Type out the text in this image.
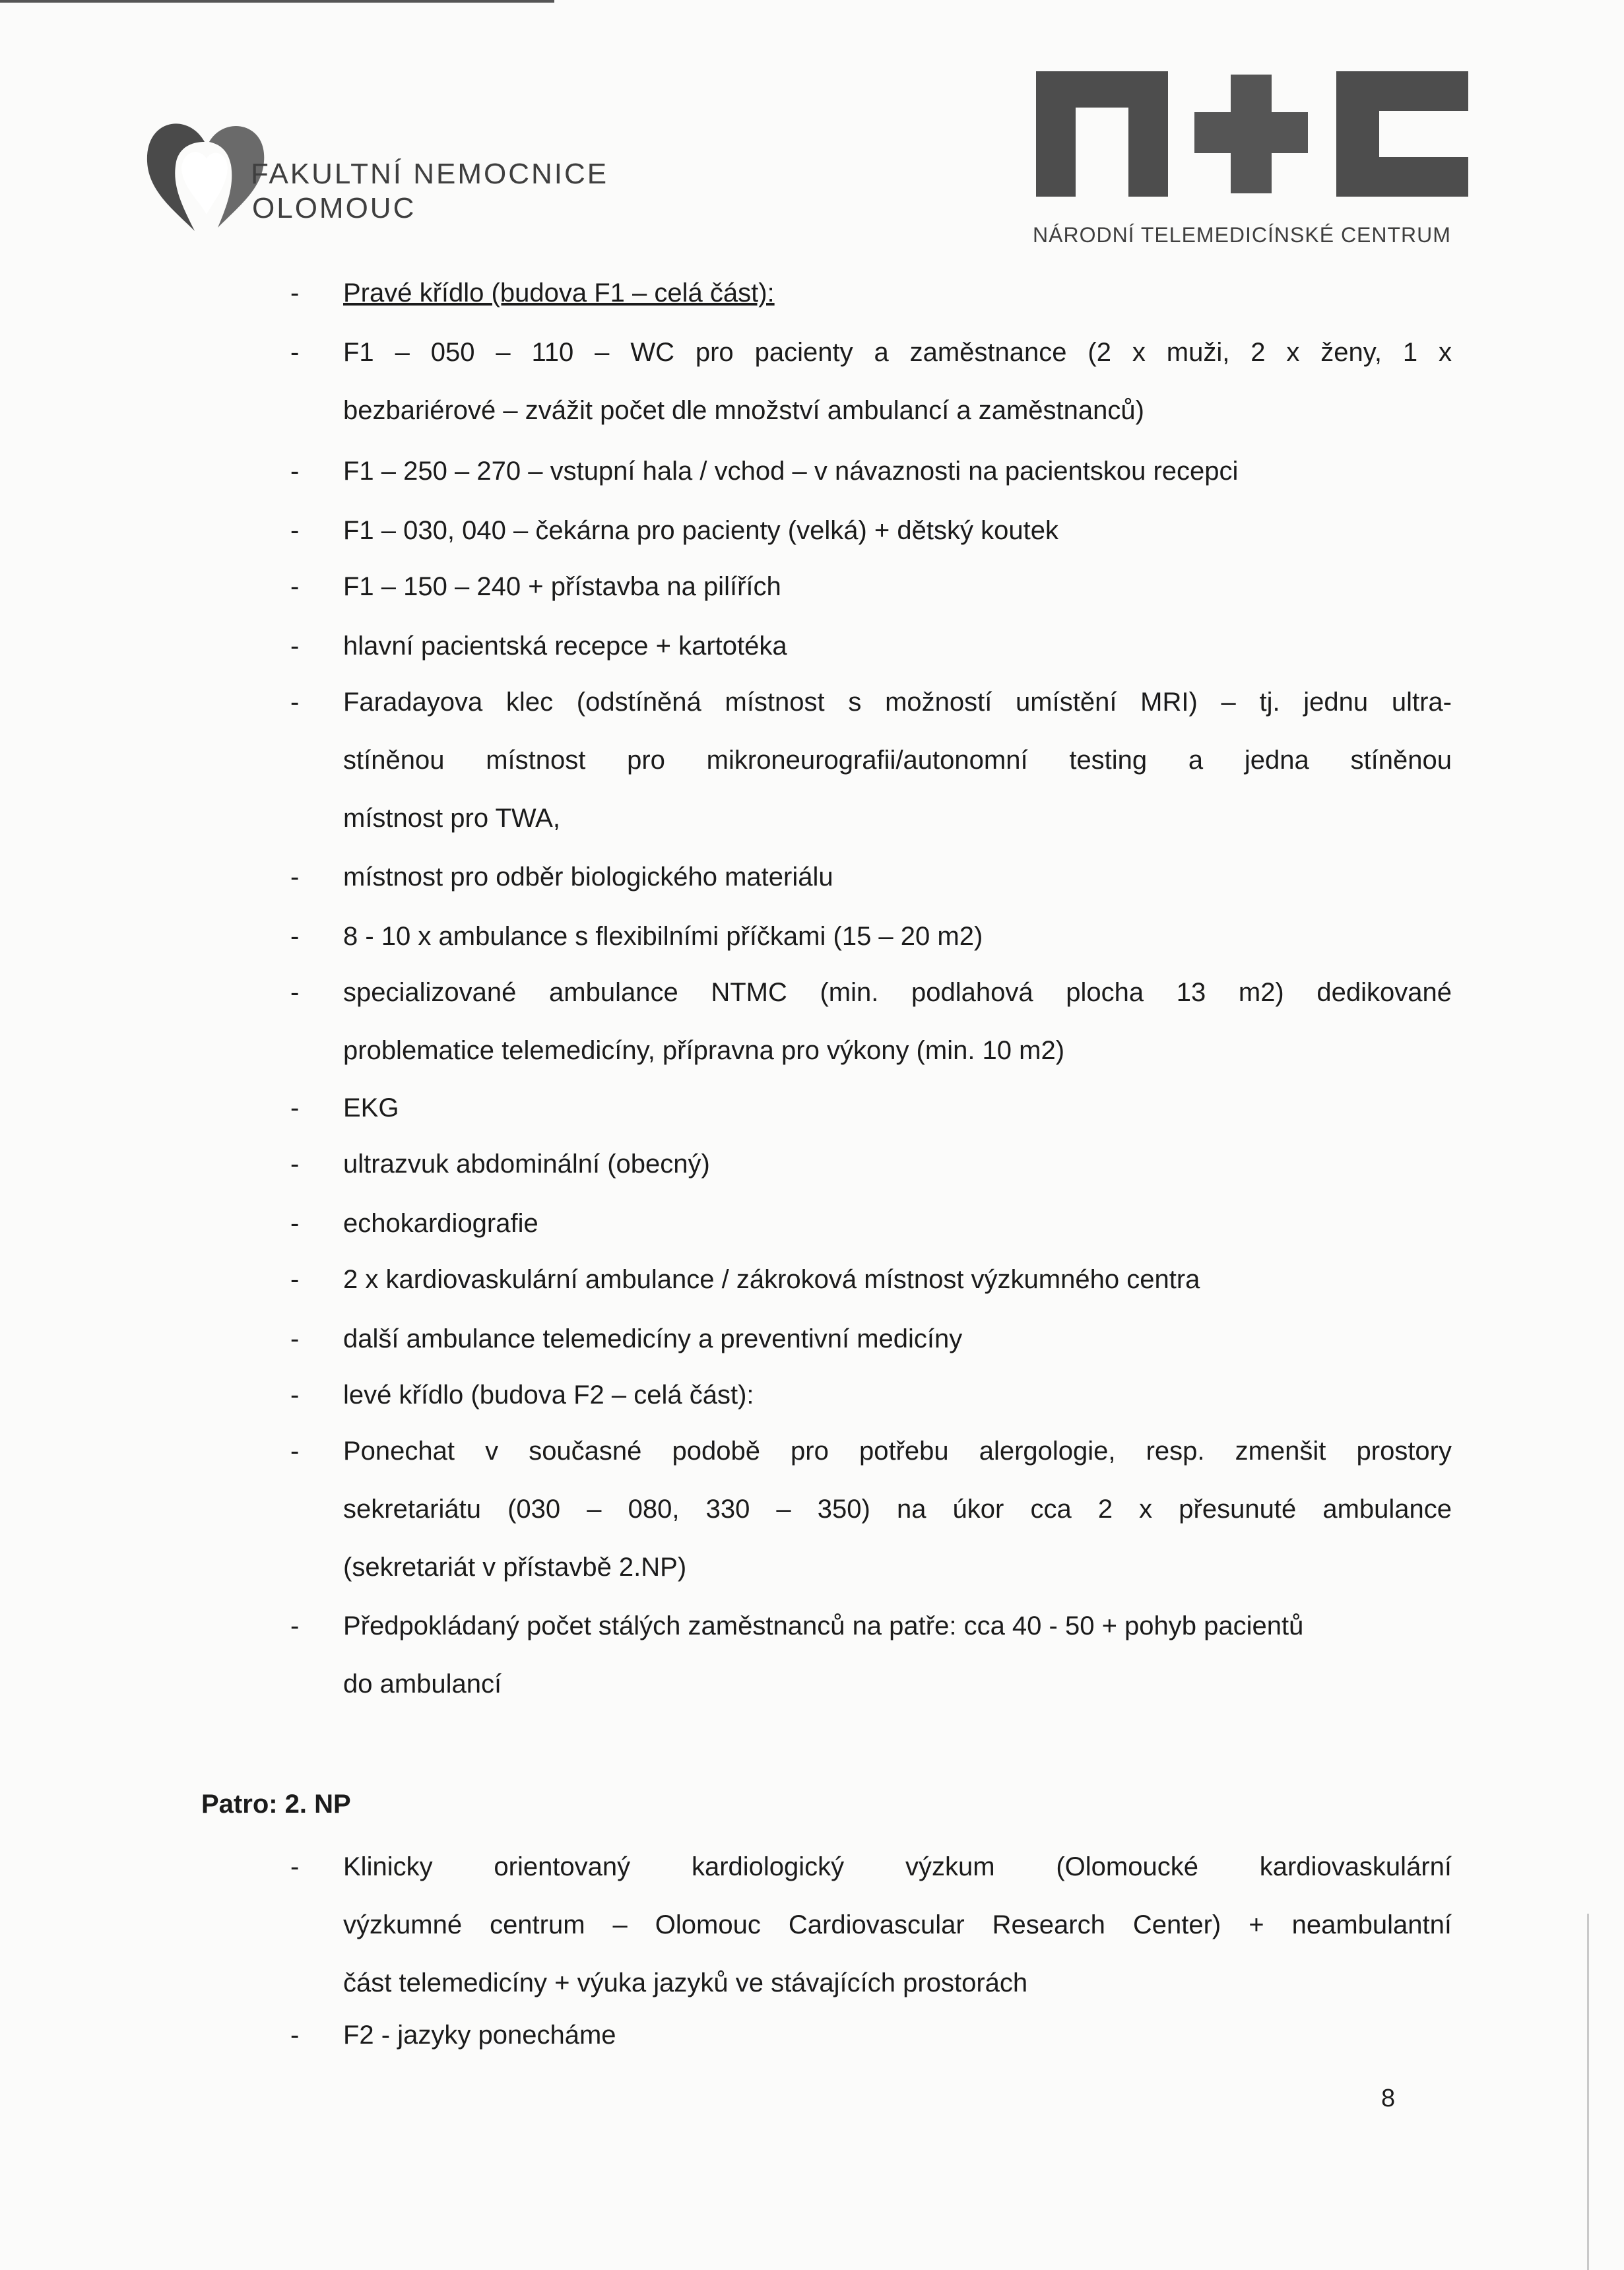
FAKULTNÍ NEMOCNICE
OLOMOUC
NÁRODNÍ TELEMEDICÍNSKÉ CENTRUM
Patro: 2. NP
8
- Pravé křídlo (budova F1 – celá část):
- F1 – 050 – 110 – WC pro pacienty a zaměstnance (2 x muži, 2 x ženy, 1 x
bezbariérové – zvážit počet dle množství ambulancí a zaměstnanců)
- F1 – 250 – 270 – vstupní hala / vchod – v návaznosti na pacientskou recepci
- F1 – 030, 040 – čekárna pro pacienty (velká) + dětský koutek
- F1 – 150 – 240 + přístavba na pilířích
- hlavní pacientská recepce + kartotéka
- Faradayova klec (odstíněná místnost s možností umístění MRI) – tj. jednu ultra-
stíněnou místnost pro mikroneurografii/autonomní testing a jedna stíněnou
místnost pro TWA,
- místnost pro odběr biologického materiálu
- 8 - 10 x ambulance s flexibilními příčkami (15 – 20 m2)
- specializované ambulance NTMC (min. podlahová plocha 13 m2) dedikované
problematice telemedicíny, přípravna pro výkony (min. 10 m2)
- EKG
- ultrazvuk abdominální (obecný)
- echokardiografie
- 2 x kardiovaskulární ambulance / zákroková místnost výzkumného centra
- další ambulance telemedicíny a preventivní medicíny
- levé křídlo (budova F2 – celá část):
- Ponechat v současné podobě pro potřebu alergologie, resp. zmenšit prostory
sekretariátu (030 – 080, 330 – 350) na úkor cca 2 x přesunuté ambulance
(sekretariát v přístavbě 2.NP)
- Předpokládaný počet stálých zaměstnanců na patře: cca 40 - 50 + pohyb pacientů
do ambulancí
- Klinicky orientovaný kardiologický výzkum (Olomoucké kardiovaskulární
výzkumné centrum – Olomouc Cardiovascular Research Center) + neambulantní
část telemedicíny + výuka jazyků ve stávajících prostorách
- F2 - jazyky ponecháme
